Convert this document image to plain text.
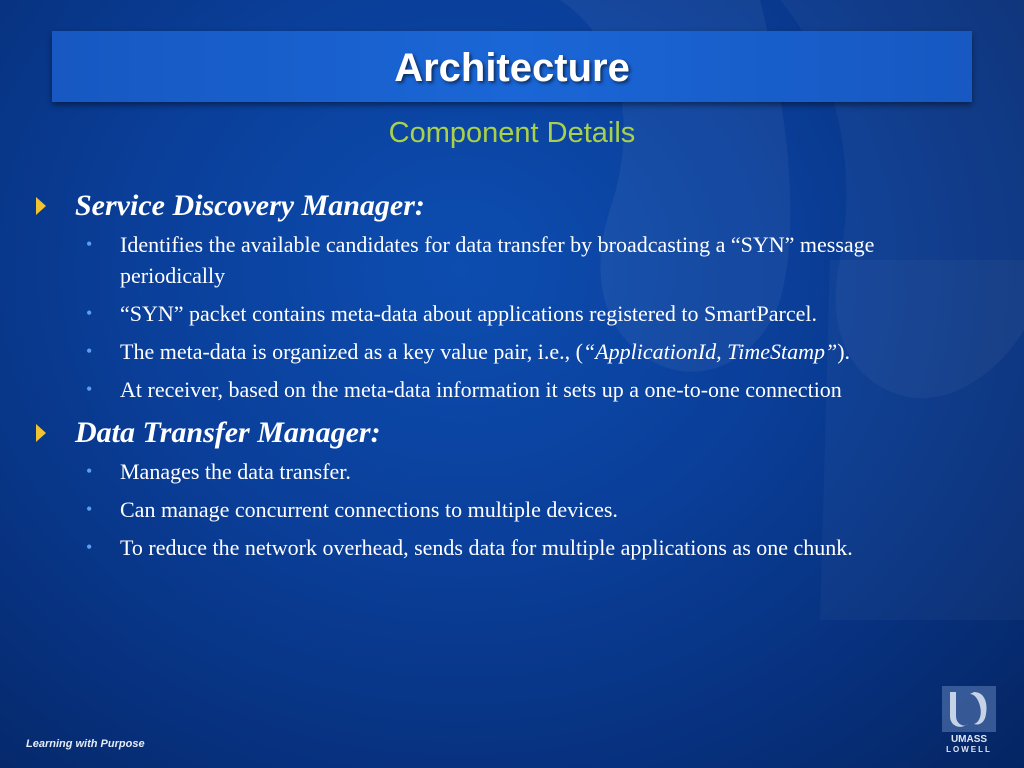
Architecture
Component Details

Service Discovery Manager:

• Identifies the available candidates for data transfer by broadcasting a “SYN” message periodically
• “SYN” packet contains meta-data about applications registered to SmartParcel.
• The meta-data is organized as a key value pair, i.e., (“ApplicationId, TimeStamp”).
• At receiver, based on the meta-data information it sets up a one-to-one connection

Data Transfer Manager:

• Manages the data transfer.
• Can manage concurrent connections to multiple devices.
• To reduce the network overhead, sends data for multiple applications as one chunk.
Learning with Purpose	UMASS
LOWELL
